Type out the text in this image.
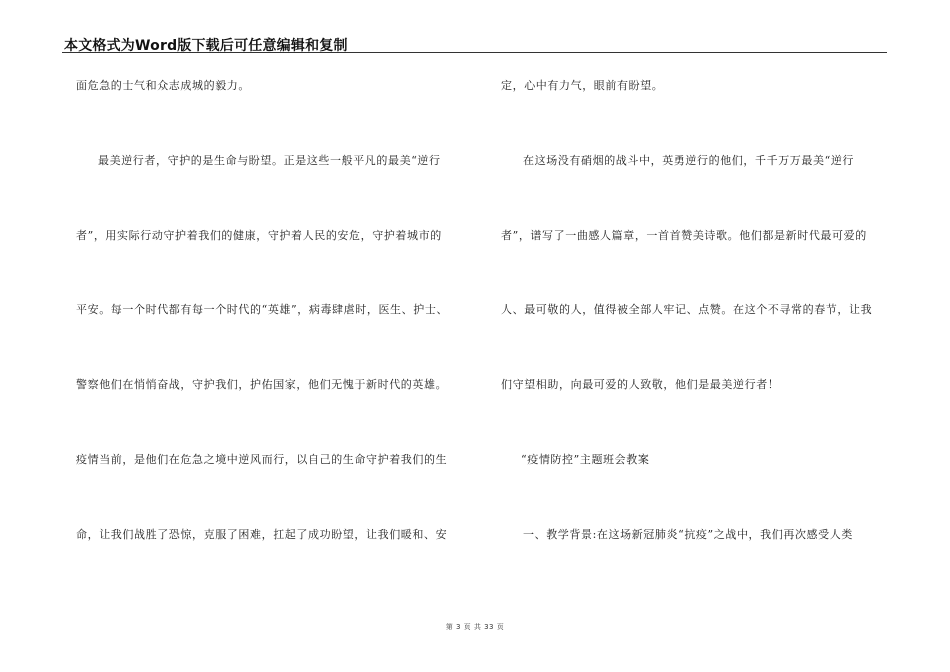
本文格式为Word版下载后可任意编辑和复制
面危急的士气和众志成城的毅力。
最美逆行者，守护的是生命与盼望。正是这些一般平凡的最美“逆行
者”，用实际行动守护着我们的健康，守护着人民的安危，守护着城市的
平安。每一个时代都有每一个时代的“英雄”，病毒肆虐时，医生、护士、
警察他们在悄悄奋战，守护我们，护佑国家，他们无愧于新时代的英雄。
疫情当前，是他们在危急之境中逆风而行，以自己的生命守护着我们的生
命，让我们战胜了恐惊，克服了困难，扛起了成功盼望，让我们暖和、安
定，心中有力气，眼前有盼望。
在这场没有硝烟的战斗中，英勇逆行的他们，千千万万最美“逆行
者”，谱写了一曲感人篇章，一首首赞美诗歌。他们都是新时代最可爱的
人、最可敬的人，值得被全部人牢记、点赞。在这个不寻常的春节，让我
们守望相助，向最可爱的人致敬，他们是最美逆行者！
“疫情防控”主题班会教案
一、教学背景:在这场新冠肺炎“抗疫”之战中，我们再次感受人类
第 3 页 共 33 页
